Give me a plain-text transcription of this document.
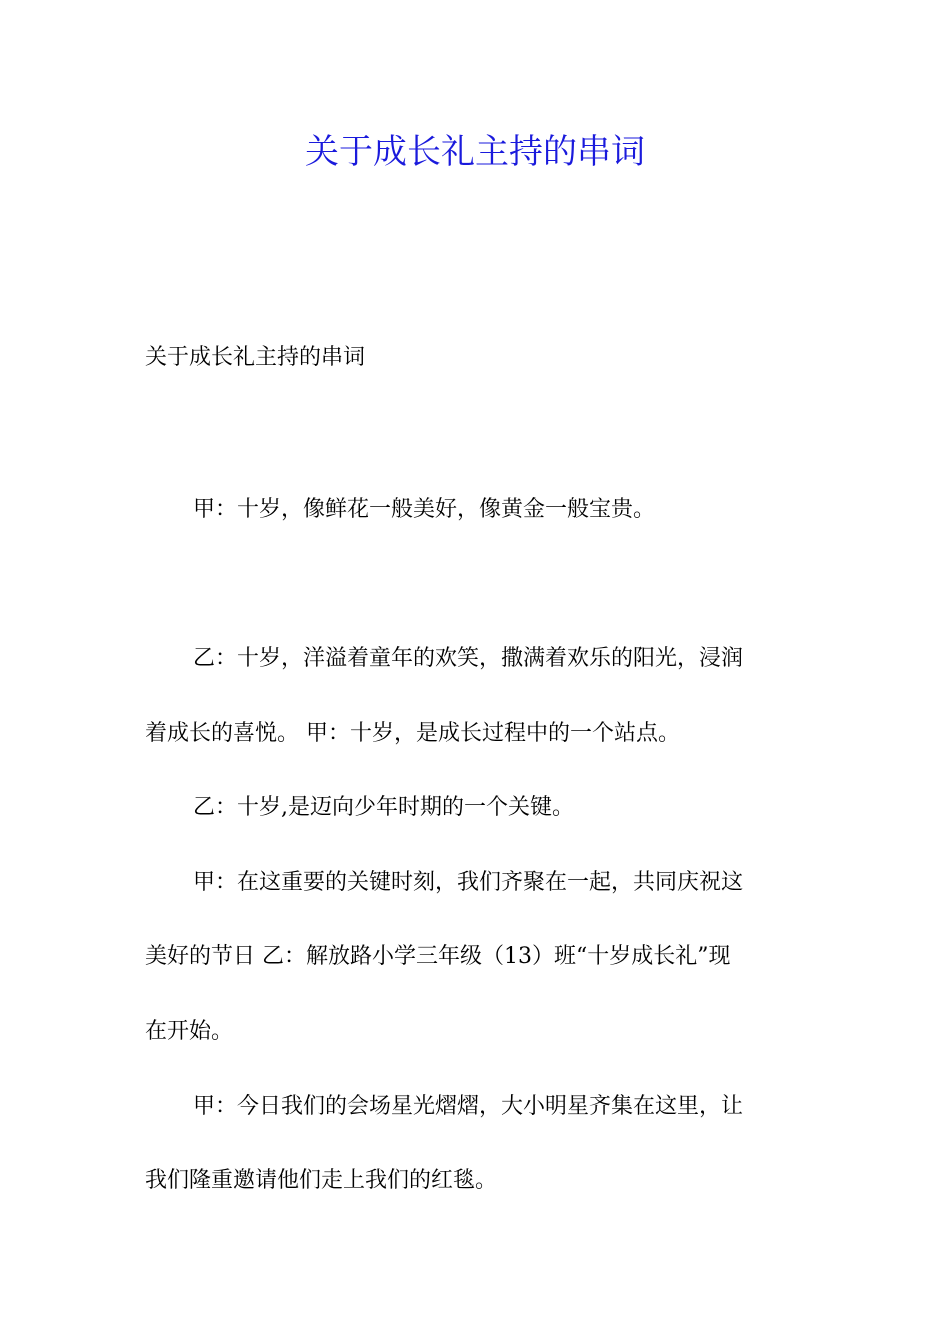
关于成长礼主持的串词
关于成长礼主持的串词
甲：十岁，像鲜花一般美好，像黄金一般宝贵。
乙：十岁，洋溢着童年的欢笑，撒满着欢乐的阳光，浸润
着成长的喜悦。 甲：十岁，是成长过程中的一个站点。
乙：十岁,是迈向少年时期的一个关键。
甲：在这重要的关键时刻，我们齐聚在一起，共同庆祝这
美好的节日 乙：解放路小学三年级（13）班“十岁成长礼”现
在开始。
甲：今日我们的会场星光熠熠，大小明星齐集在这里，让
我们隆重邀请他们走上我们的红毯。
